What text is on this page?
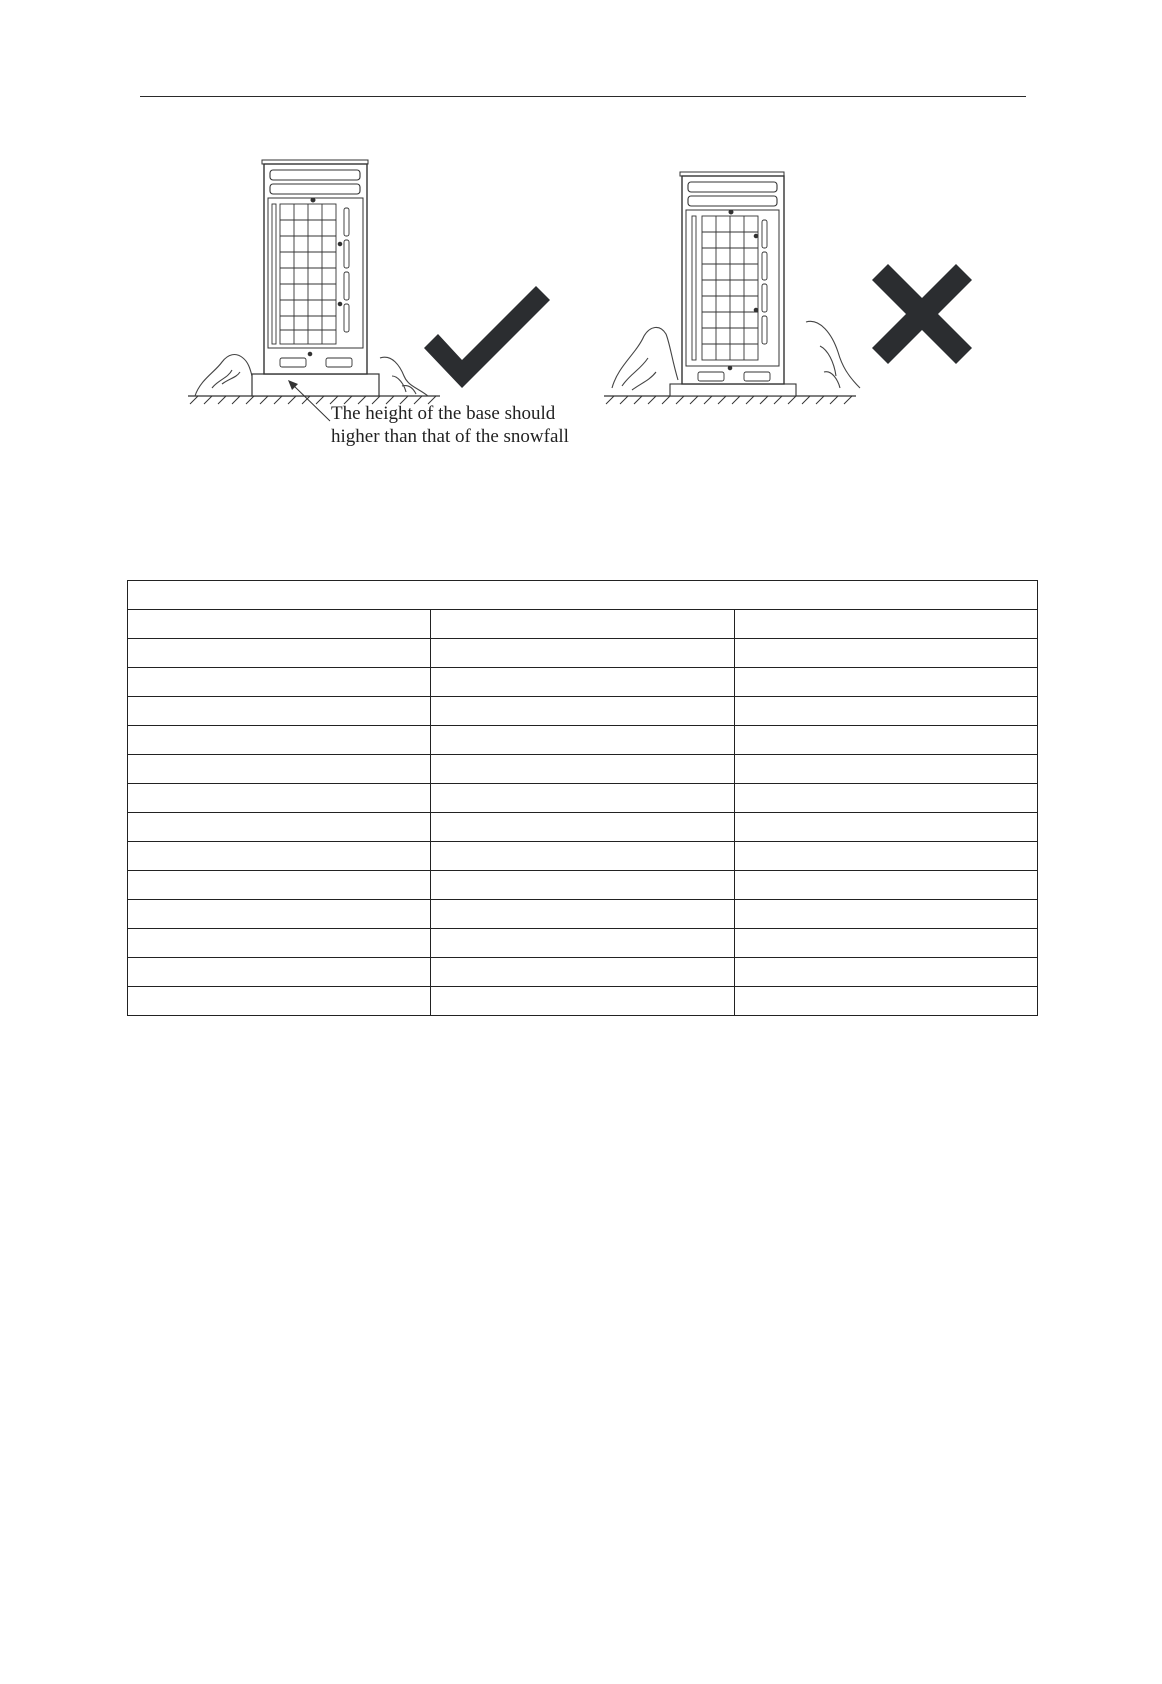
The height of the base should
higher than that of the snowfall
